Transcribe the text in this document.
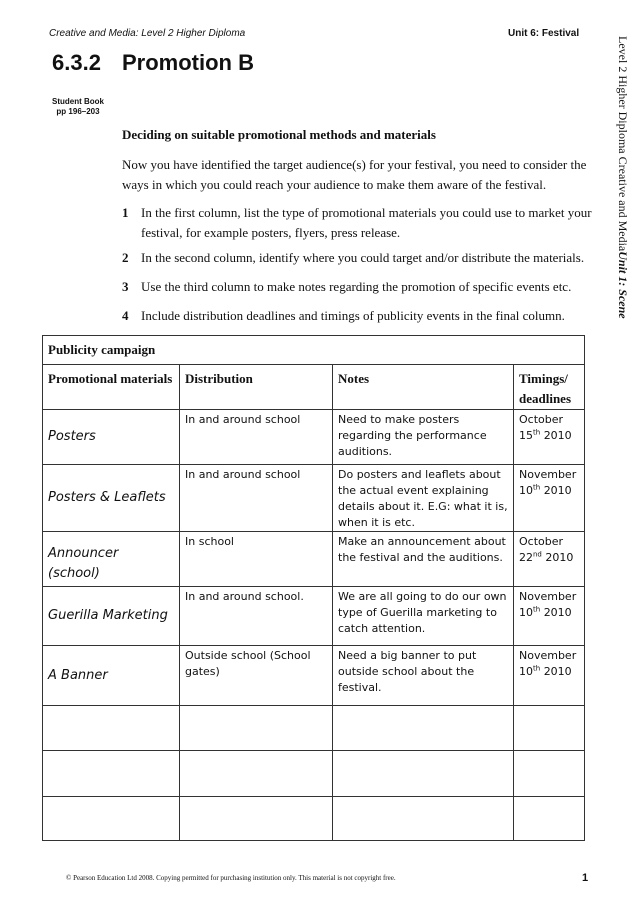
Creative and Media: Level 2 Higher Diploma	Unit 6: Festival
Level 2 Higher Diploma Creative and MediaUnit 1: Scene
6.3.2 Promotion B
Student Book
pp 196–203
Deciding on suitable promotional methods and materials
Now you have identified the target audience(s) for your festival, you need to consider the ways in which you could reach your audience to make them aware of the festival.
1 In the first column, list the type of promotional materials you could use to market your festival, for example posters, flyers, press release.
2 In the second column, identify where you could target and/or distribute the materials.
3 Use the third column to make notes regarding the promotion of specific events etc.
4 Include distribution deadlines and timings of publicity events in the final column.
Publicity campaign			
Promotional materials	Distribution	Notes	Timings/ deadlines
Posters	In and around school	Need to make posters regarding the performance auditions.	October
15th 2010
Posters & Leaflets	In and around school	Do posters and leaflets about the actual event explaining details about it. E.G: what it is, when it is etc.	November
10th 2010
Announcer (school)	In school	Make an announcement about the festival and the auditions.	October
22nd 2010
Guerilla Marketing	In and around school.	We are all going to do our own type of Guerilla marketing to catch attention.	November
10th 2010
A Banner	Outside school (School gates)	Need a big banner to put outside school about the festival.	November
10th 2010

© Pearson Education Ltd 2008. Copying permitted for purchasing institution only. This material is not copyright free.	1
